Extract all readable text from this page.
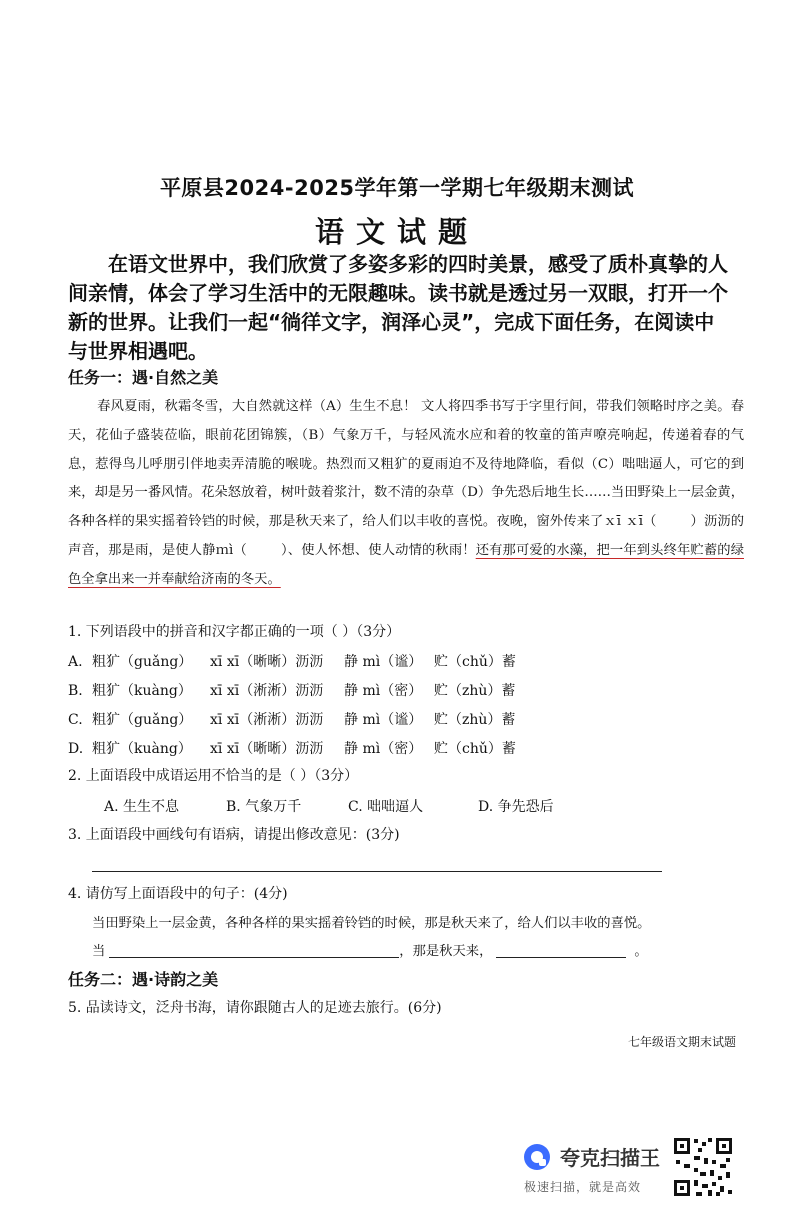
平原县2024-2025学年第一学期七年级期末测试
语文试题

在语文世界中，我们欣赏了多姿多彩的四时美景，感受了质朴真挚的人间亲情，体会了学习生活中的无限趣味。读书就是透过另一双眼，打开一个新的世界。让我们一起“徜徉文字，润泽心灵”，完成下面任务，在阅读中与世界相遇吧。

任务一：遇·自然之美

春风夏雨，秋霜冬雪，大自然就这样（A）生生不息！ 文人将四季书写于字里行间，带我们领略时序之美。春天，花仙子盛装莅临，眼前花团锦簇，（B）气象万千，与轻风流水应和着的牧童的笛声嘹亮响起，传递着春的气息，惹得鸟儿呼朋引伴地卖弄清脆的喉咙。热烈而又粗犷的夏雨迫不及待地降临，看似（C）咄咄逼人，可它的到来，却是另一番风情。花朵怒放着，树叶鼓着浆汁，数不清的杂草（D）争先恐后地生长……当田野染上一层金黄，各种各样的果实摇着铃铛的时候，那是秋天来了，给人们以丰收的喜悦。夜晚，窗外传来了ｘī ｘī（	）沥沥的声音，那是雨，是使人静ｍì（	）、使人怀想、使人动情的秋雨！还有那可爱的水藻，把一年到头终年贮蓄的绿色全拿出来一并奉献给济南的冬天。

1. 下列语段中的拼音和汉字都正确的一项（ ）（3分）
A. 粗犷（guǎng） xī xī（晰晰）沥沥 静 mì（谧） 贮（chǔ）蓄
B. 粗犷（kuàng） xī xī（淅淅）沥沥 静 mì（密） 贮（zhù）蓄
C. 粗犷（guǎng） xī xī（淅淅）沥沥 静 mì（谧） 贮（zhù）蓄
D. 粗犷（kuàng） xī xī（晰晰）沥沥 静 mì（密） 贮（chǔ）蓄
2. 上面语段中成语运用不恰当的是（ ）（3分）
A. 生生不息	B. 气象万千	C. 咄咄逼人	D. 争先恐后
3. 上面语段中画线句有语病，请提出修改意见：(3分)
4. 请仿写上面语段中的句子：(4分)
当田野染上一层金黄，各种各样的果实摇着铃铛的时候，那是秋天来了，给人们以丰收的喜悦。
当	，那是秋天来，	。
任务二：遇·诗韵之美
5. 品读诗文，泛舟书海，请你跟随古人的足迹去旅行。(6分)
七年级语文期末试题
夸克扫描王
极速扫描，就是高效
